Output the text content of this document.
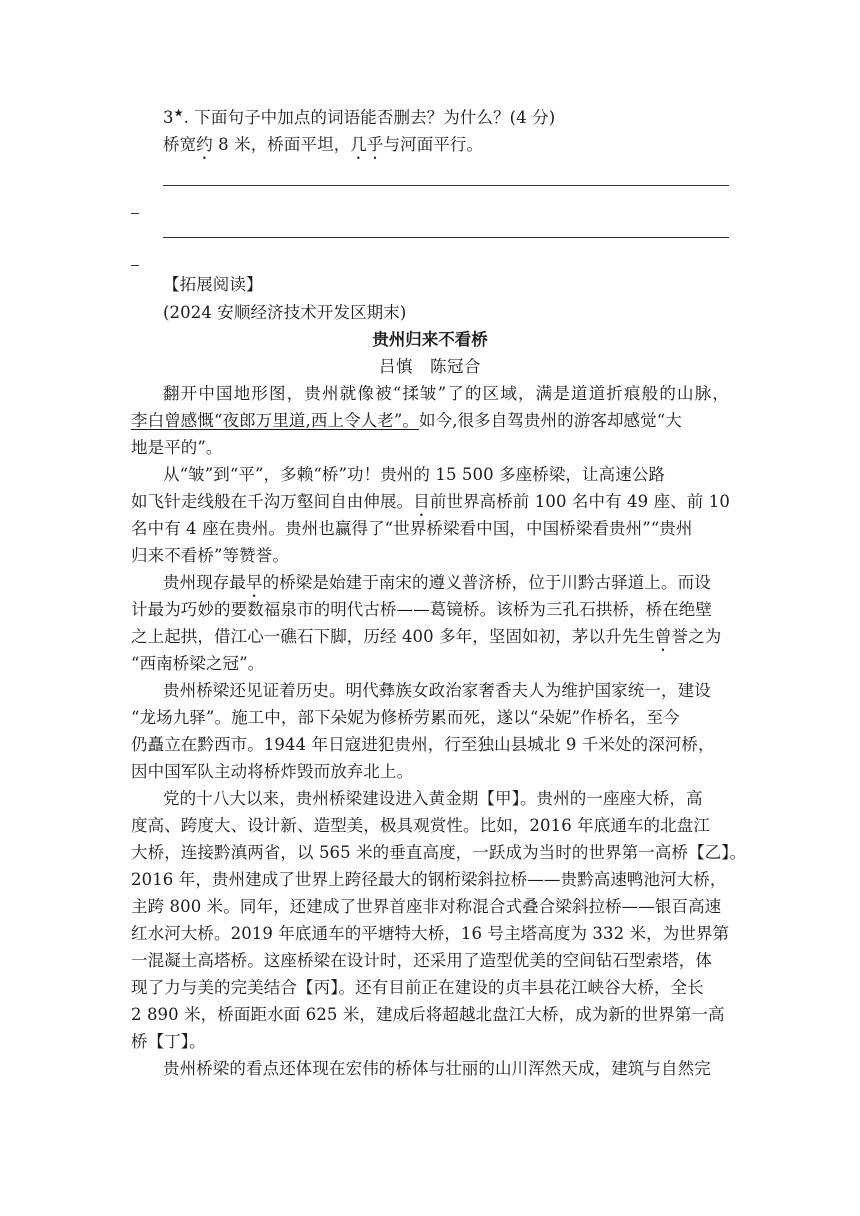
3★. 下面句子中加点的词语能否删去？为什么？(4 分)
桥宽约 8 米，桥面平坦，几乎与河面平行。
【拓展阅读】
(2024 安顺经济技术开发区期末)
贵州归来不看桥
吕慎　陈冠合
翻开中国地形图，贵州就像被“揉皱”了的区域，满是道道折痕般的山脉，
李白曾感慨“夜郎万里道,西上令人老”。如今,很多自驾贵州的游客却感觉“大
地是平的”。
从“皱”到“平”，多赖“桥”功！贵州的 15 500 多座桥梁，让高速公路
如飞针走线般在千沟万壑间自由伸展。目前世界高桥前 100 名中有 49 座、前 10
名中有 4 座在贵州。贵州也赢得了“世界桥梁看中国，中国桥梁看贵州”“贵州
归来不看桥”等赞誉。
贵州现存最早的桥梁是始建于南宋的遵义普济桥，位于川黔古驿道上。而设
计最为巧妙的要数福泉市的明代古桥——葛镜桥。该桥为三孔石拱桥，桥在绝壁
之上起拱，借江心一礁石下脚，历经 400 多年，坚固如初，茅以升先生曾誉之为
“西南桥梁之冠”。
贵州桥梁还见证着历史。明代彝族女政治家奢香夫人为维护国家统一，建设
“龙场九驿”。施工中，部下朵妮为修桥劳累而死，遂以“朵妮”作桥名，至今
仍矗立在黔西市。1944 年日寇进犯贵州，行至独山县城北 9 千米处的深河桥，
因中国军队主动将桥炸毁而放弃北上。
党的十八大以来，贵州桥梁建设进入黄金期【甲】。贵州的一座座大桥，高
度高、跨度大、设计新、造型美，极具观赏性。比如，2016 年底通车的北盘江
大桥，连接黔滇两省，以 565 米的垂直高度，一跃成为当时的世界第一高桥【乙】。
2016 年，贵州建成了世界上跨径最大的钢桁梁斜拉桥——贵黔高速鸭池河大桥，
主跨 800 米。同年，还建成了世界首座非对称混合式叠合梁斜拉桥——银百高速
红水河大桥。2019 年底通车的平塘特大桥，16 号主塔高度为 332 米，为世界第
一混凝土高塔桥。这座桥梁在设计时，还采用了造型优美的空间钻石型索塔，体
现了力与美的完美结合【丙】。还有目前正在建设的贞丰县花江峡谷大桥，全长
2 890 米，桥面距水面 625 米，建成后将超越北盘江大桥，成为新的世界第一高
桥【丁】。
贵州桥梁的看点还体现在宏伟的桥体与壮丽的山川浑然天成，建筑与自然完
